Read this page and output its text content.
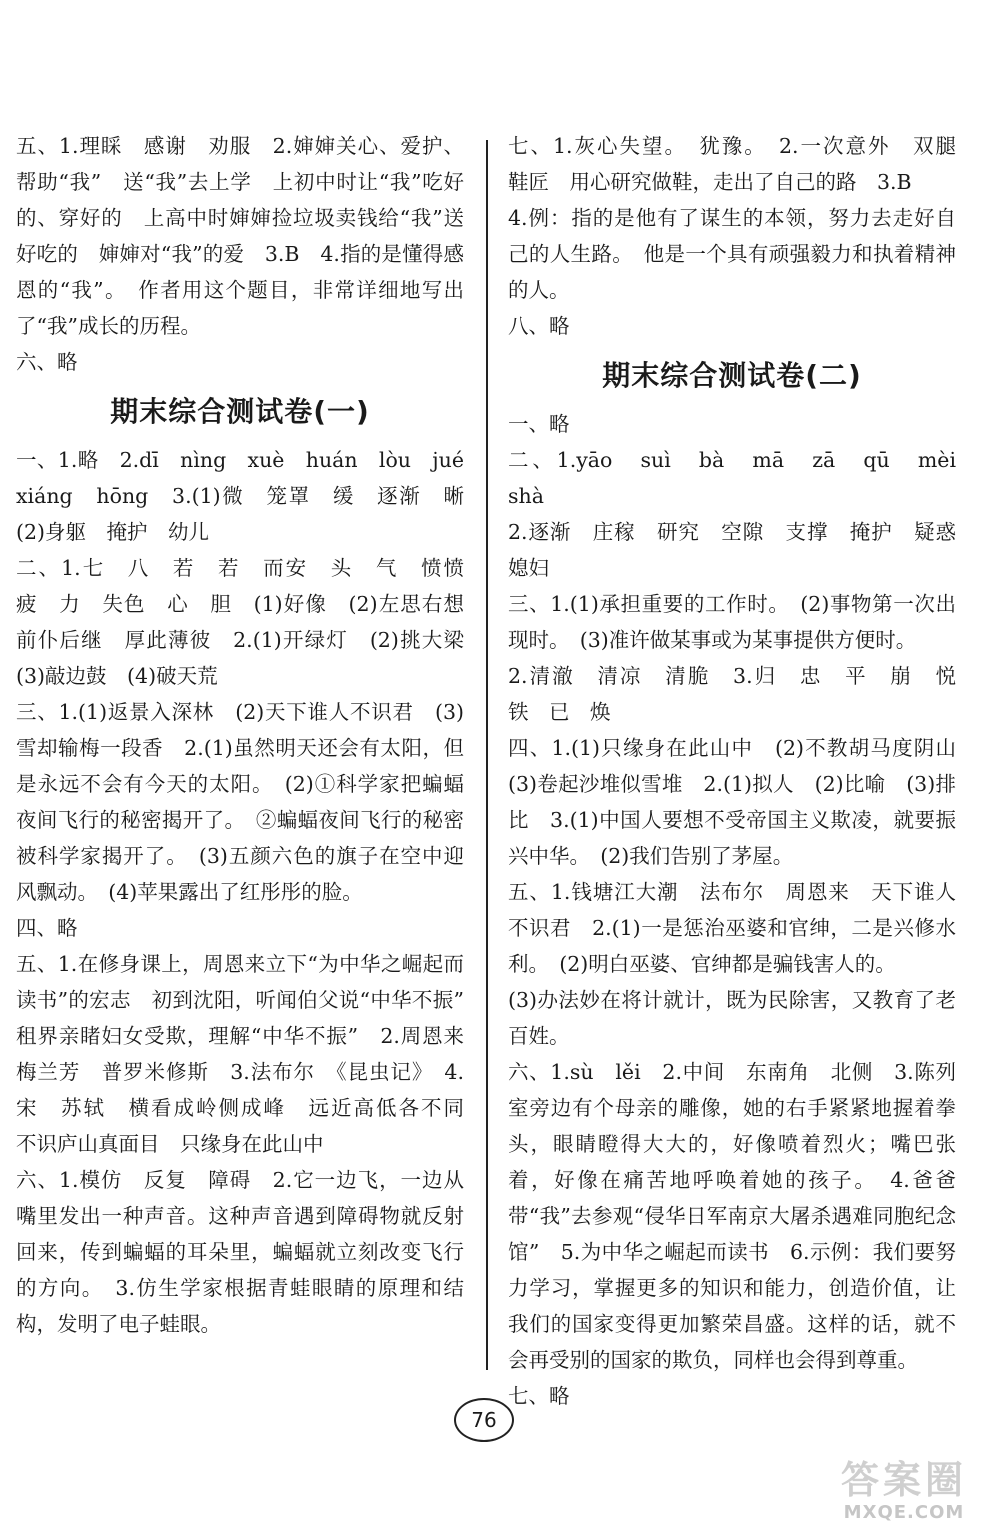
五、1.理睬　感谢　劝服　2.婶婶关心、爱护、帮助“我”　送“我”去上学　上初中时让“我”吃好的、穿好的　上高中时婶婶捡垃圾卖钱给“我”送好吃的　婶婶对“我”的爱　3.B　4.指的是懂得感恩的“我”。　作者用这个题目，非常详细地写出了“我”成长的历程。
六、略

期末综合测试卷(一)

一、1.略　2.dī　nìng　xuè　huán　lòu　jué　xiáng　hōng　3.(1)微　笼罩　缓　逐渐　晰　(2)身躯　掩护　幼儿
二、1.七　八　若　若　而安　头　气　愤愤　疲　力　失色　心　胆　(1)好像　(2)左思右想　前仆后继　厚此薄彼　2.(1)开绿灯　(2)挑大梁　(3)敲边鼓　(4)破天荒
三、1.(1)返景入深林　(2)天下谁人不识君　(3)雪却输梅一段香　2.(1)虽然明天还会有太阳，但是永远不会有今天的太阳。　(2)①科学家把蝙蝠夜间飞行的秘密揭开了。　②蝙蝠夜间飞行的秘密被科学家揭开了。　(3)五颜六色的旗子在空中迎风飘动。　(4)苹果露出了红彤彤的脸。
四、略
五、1.在修身课上，周恩来立下“为中华之崛起而读书”的宏志　初到沈阳，听闻伯父说“中华不振”　租界亲睹妇女受欺，理解“中华不振”　2.周恩来　梅兰芳　普罗米修斯　3.法布尔　《昆虫记》　4.宋　苏轼　横看成岭侧成峰　远近高低各不同　不识庐山真面目　只缘身在此山中
六、1.模仿　反复　障碍　2.它一边飞，一边从嘴里发出一种声音。这种声音遇到障碍物就反射回来，传到蝙蝠的耳朵里，蝙蝠就立刻改变飞行的方向。　3.仿生学家根据青蛙眼睛的原理和结构，发明了电子蛙眼。

七、1.灰心失望。　犹豫。　2.一次意外　双腿　鞋匠　用心研究做鞋，走出了自己的路　3.B
4.例：指的是他有了谋生的本领，努力去走好自己的人生路。　他是一个具有顽强毅力和执着精神的人。
八、略

期末综合测试卷(二)

一、略
二、1.yāo　suì　bà　mā　zā　qū　mèi　shà
2.逐渐　庄稼　研究　空隙　支撑　掩护　疑惑　媳妇
三、1.(1)承担重要的工作时。　(2)事物第一次出现时。　(3)准许做某事或为某事提供方便时。
2.清澈　清凉　清脆　3.归　忠　平　崩　悦　铁　已　焕
四、1.(1)只缘身在此山中　(2)不教胡马度阴山　(3)卷起沙堆似雪堆　2.(1)拟人　(2)比喻　(3)排比　3.(1)中国人要想不受帝国主义欺凌，就要振兴中华。　(2)我们告别了茅屋。
五、1.钱塘江大潮　法布尔　周恩来　天下谁人不识君　2.(1)一是惩治巫婆和官绅，二是兴修水利。　(2)明白巫婆、官绅都是骗钱害人的。
(3)办法妙在将计就计，既为民除害，又教育了老百姓。
六、1.sù　lěi　2.中间　东南角　北侧　3.陈列室旁边有个母亲的雕像，她的右手紧紧地握着拳头，眼睛瞪得大大的，好像喷着烈火；嘴巴张着，好像在痛苦地呼唤着她的孩子。　4.爸爸带“我”去参观“侵华日军南京大屠杀遇难同胞纪念馆”　5.为中华之崛起而读书　6.示例：我们要努力学习，掌握更多的知识和能力，创造价值，让我们的国家变得更加繁荣昌盛。这样的话，就不会再受别的国家的欺负，同样也会得到尊重。
七、略

76
答案圈
MXQE.COM
